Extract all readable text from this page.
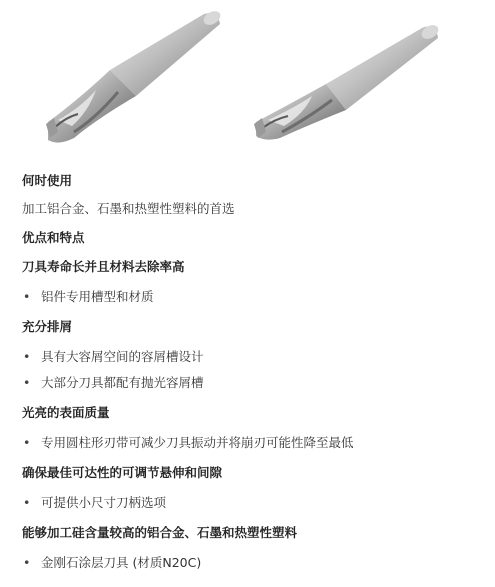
何时使用

加工铝合金、石墨和热塑性塑料的首选

优点和特点

刀具寿命长并且材料去除率高

• 铝件专用槽型和材质

充分排屑

• 具有大容屑空间的容屑槽设计
• 大部分刀具都配有抛光容屑槽

光亮的表面质量

• 专用圆柱形刃带可减少刀具振动并将崩刃可能性降至最低

确保最佳可达性的可调节悬伸和间隙

• 可提供小尺寸刀柄选项

能够加工硅含量较高的铝合金、石墨和热塑性塑料

• 金刚石涂层刀具 (材质N20C)
